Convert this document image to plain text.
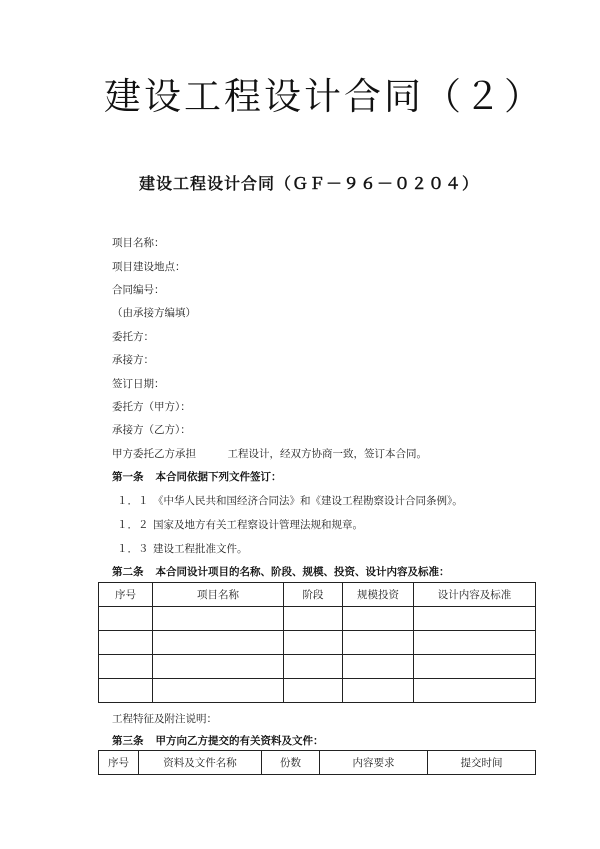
建设工程设计合同（２）
建设工程设计合同（ＧＦ－９６－０２０４）
项目名称：
项目建设地点：
合同编号：
（由承接方编填）
委托方：
承接方：
签订日期：
委托方（甲方）：
承接方（乙方）：
甲方委托乙方承担　　　工程设计，经双方协商一致，签订本合同。
第一条 本合同依据下列文件签订：
１．１ 《中华人民共和国经济合同法》和《建设工程勘察设计合同条例》。
１．２ 国家及地方有关工程察设计管理法规和规章。
１．３ 建设工程批准文件。
第二条 本合同设计项目的名称、阶段、规模、投资、设计内容及标准：
序号	项目名称	阶段	规模投资	设计内容及标准

工程特征及附注说明：
第三条 甲方向乙方提交的有关资料及文件：
序号	资料及文件名称	份数	内容要求	提交时间
